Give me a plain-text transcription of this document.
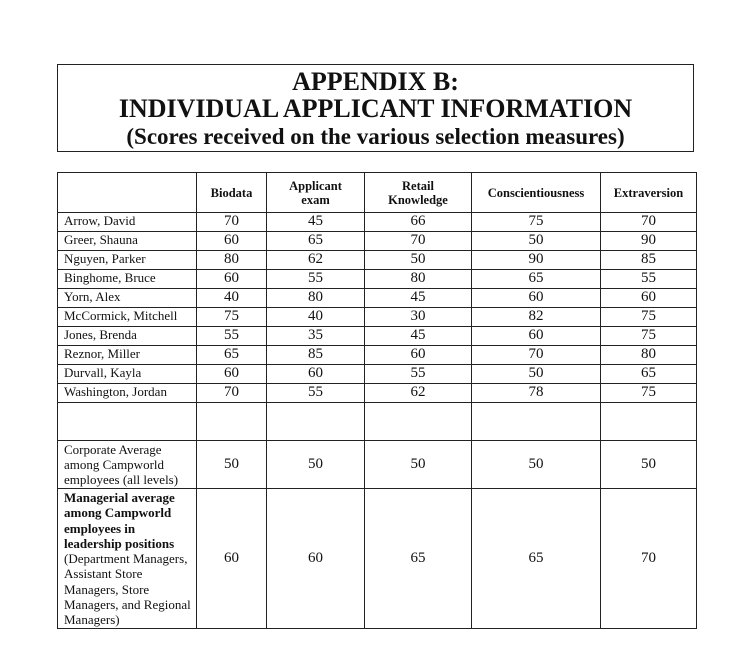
APPENDIX B:
INDIVIDUAL APPLICANT INFORMATION
(Scores received on the various selection measures)
	Biodata	Applicant exam	Retail Knowledge	Conscientiousness	Extraversion
Arrow, David	70	45	66	75	70
Greer, Shauna	60	65	70	50	90
Nguyen, Parker	80	62	50	90	85
Binghome, Bruce	60	55	80	65	55
Yorn, Alex	40	80	45	60	60
McCormick, Mitchell	75	40	30	82	75
Jones, Brenda	55	35	45	60	75
Reznor, Miller	65	85	60	70	80
Durvall, Kayla	60	60	55	50	65
Washington, Jordan	70	55	62	78	75

Corporate Average among Campworld employees (all levels)	50	50	50	50	50
Managerial average among Campworld employees in leadership positions (Department Managers, Assistant Store Managers, Store Managers, and Regional Managers)	60	60	65	65	70
